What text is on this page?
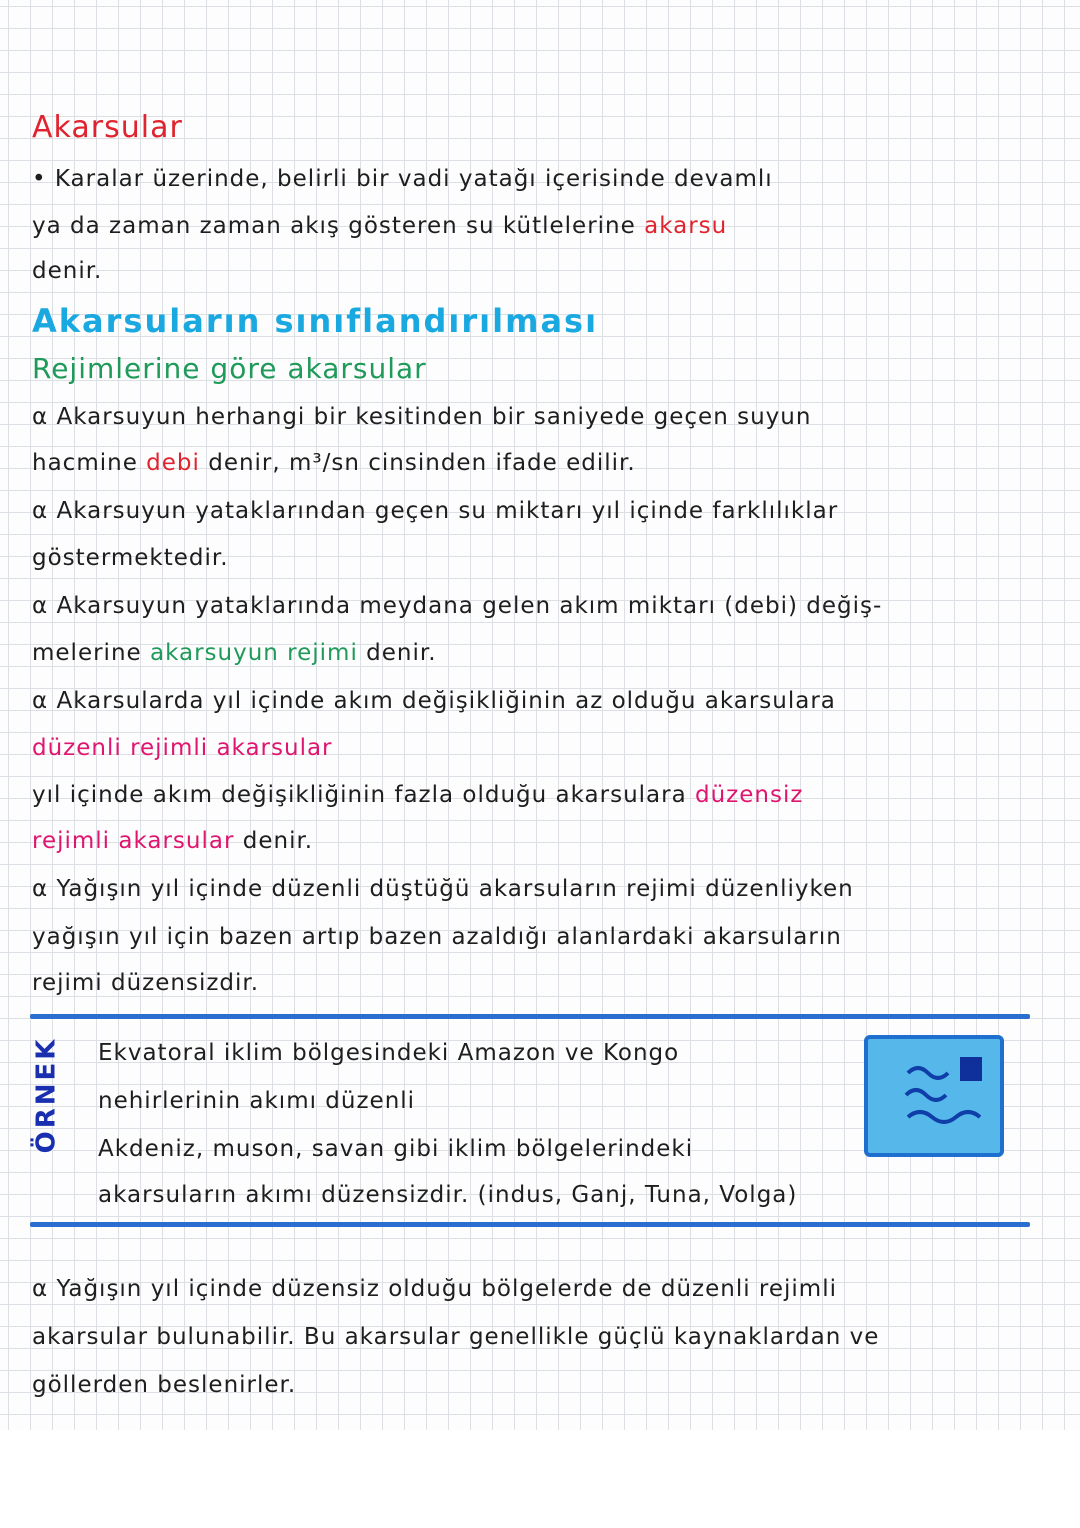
Akarsular
• Karalar üzerinde, belirli bir vadi yatağı içerisinde devamlı
ya da zaman zaman akış gösteren su kütlelerine akarsu
denir.
Akarsuların sınıflandırılması
Rejimlerine göre akarsular
⍺ Akarsuyun herhangi bir kesitinden bir saniyede geçen suyun
hacmine debi denir, m³/sn cinsinden ifade edilir.
⍺ Akarsuyun yataklarından geçen su miktarı yıl içinde farklılıklar
göstermektedir.
⍺ Akarsuyun yataklarında meydana gelen akım miktarı (debi) değiş-
melerine akarsuyun rejimi denir.
⍺ Akarsularda yıl içinde akım değişikliğinin az olduğu akarsulara
düzenli rejimli akarsular
yıl içinde akım değişikliğinin fazla olduğu akarsulara düzensiz
rejimli akarsular denir.
⍺ Yağışın yıl içinde düzenli düştüğü akarsuların rejimi düzenliyken
yağışın yıl için bazen artıp bazen azaldığı alanlardaki akarsuların
rejimi düzensizdir.
ÖRNEK Ekvatoral iklim bölgesindeki Amazon ve Kongo
nehirlerinin akımı düzenli
Akdeniz, muson, savan gibi iklim bölgelerindeki
akarsuların akımı düzensizdir. (indus, Ganj, Tuna, Volga)
⍺ Yağışın yıl içinde düzensiz olduğu bölgelerde de düzenli rejimli
akarsular bulunabilir. Bu akarsular genellikle güçlü kaynaklardan ve
göllerden beslenirler.
